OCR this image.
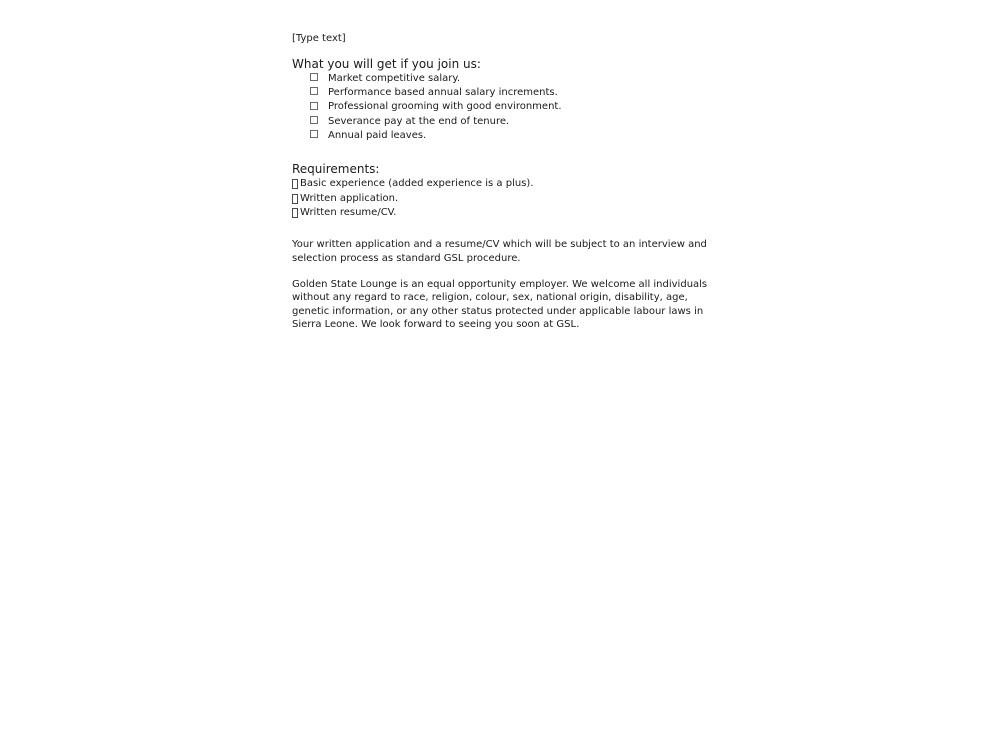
[Type text]

What you will get if you join us:

Market competitive salary.
Performance based annual salary increments.
Professional grooming with good environment.
Severance pay at the end of tenure.
Annual paid leaves.

Requirements:

Basic experience (added experience is a plus).
Written application.
Written resume/CV.

Your written application and a resume/CV which will be subject to an interview and selection process as standard GSL procedure.

Golden State Lounge is an equal opportunity employer. We welcome all individuals without any regard to race, religion, colour, sex, national origin, disability, age, genetic information, or any other status protected under applicable labour laws in Sierra Leone. We look forward to seeing you soon at GSL.
